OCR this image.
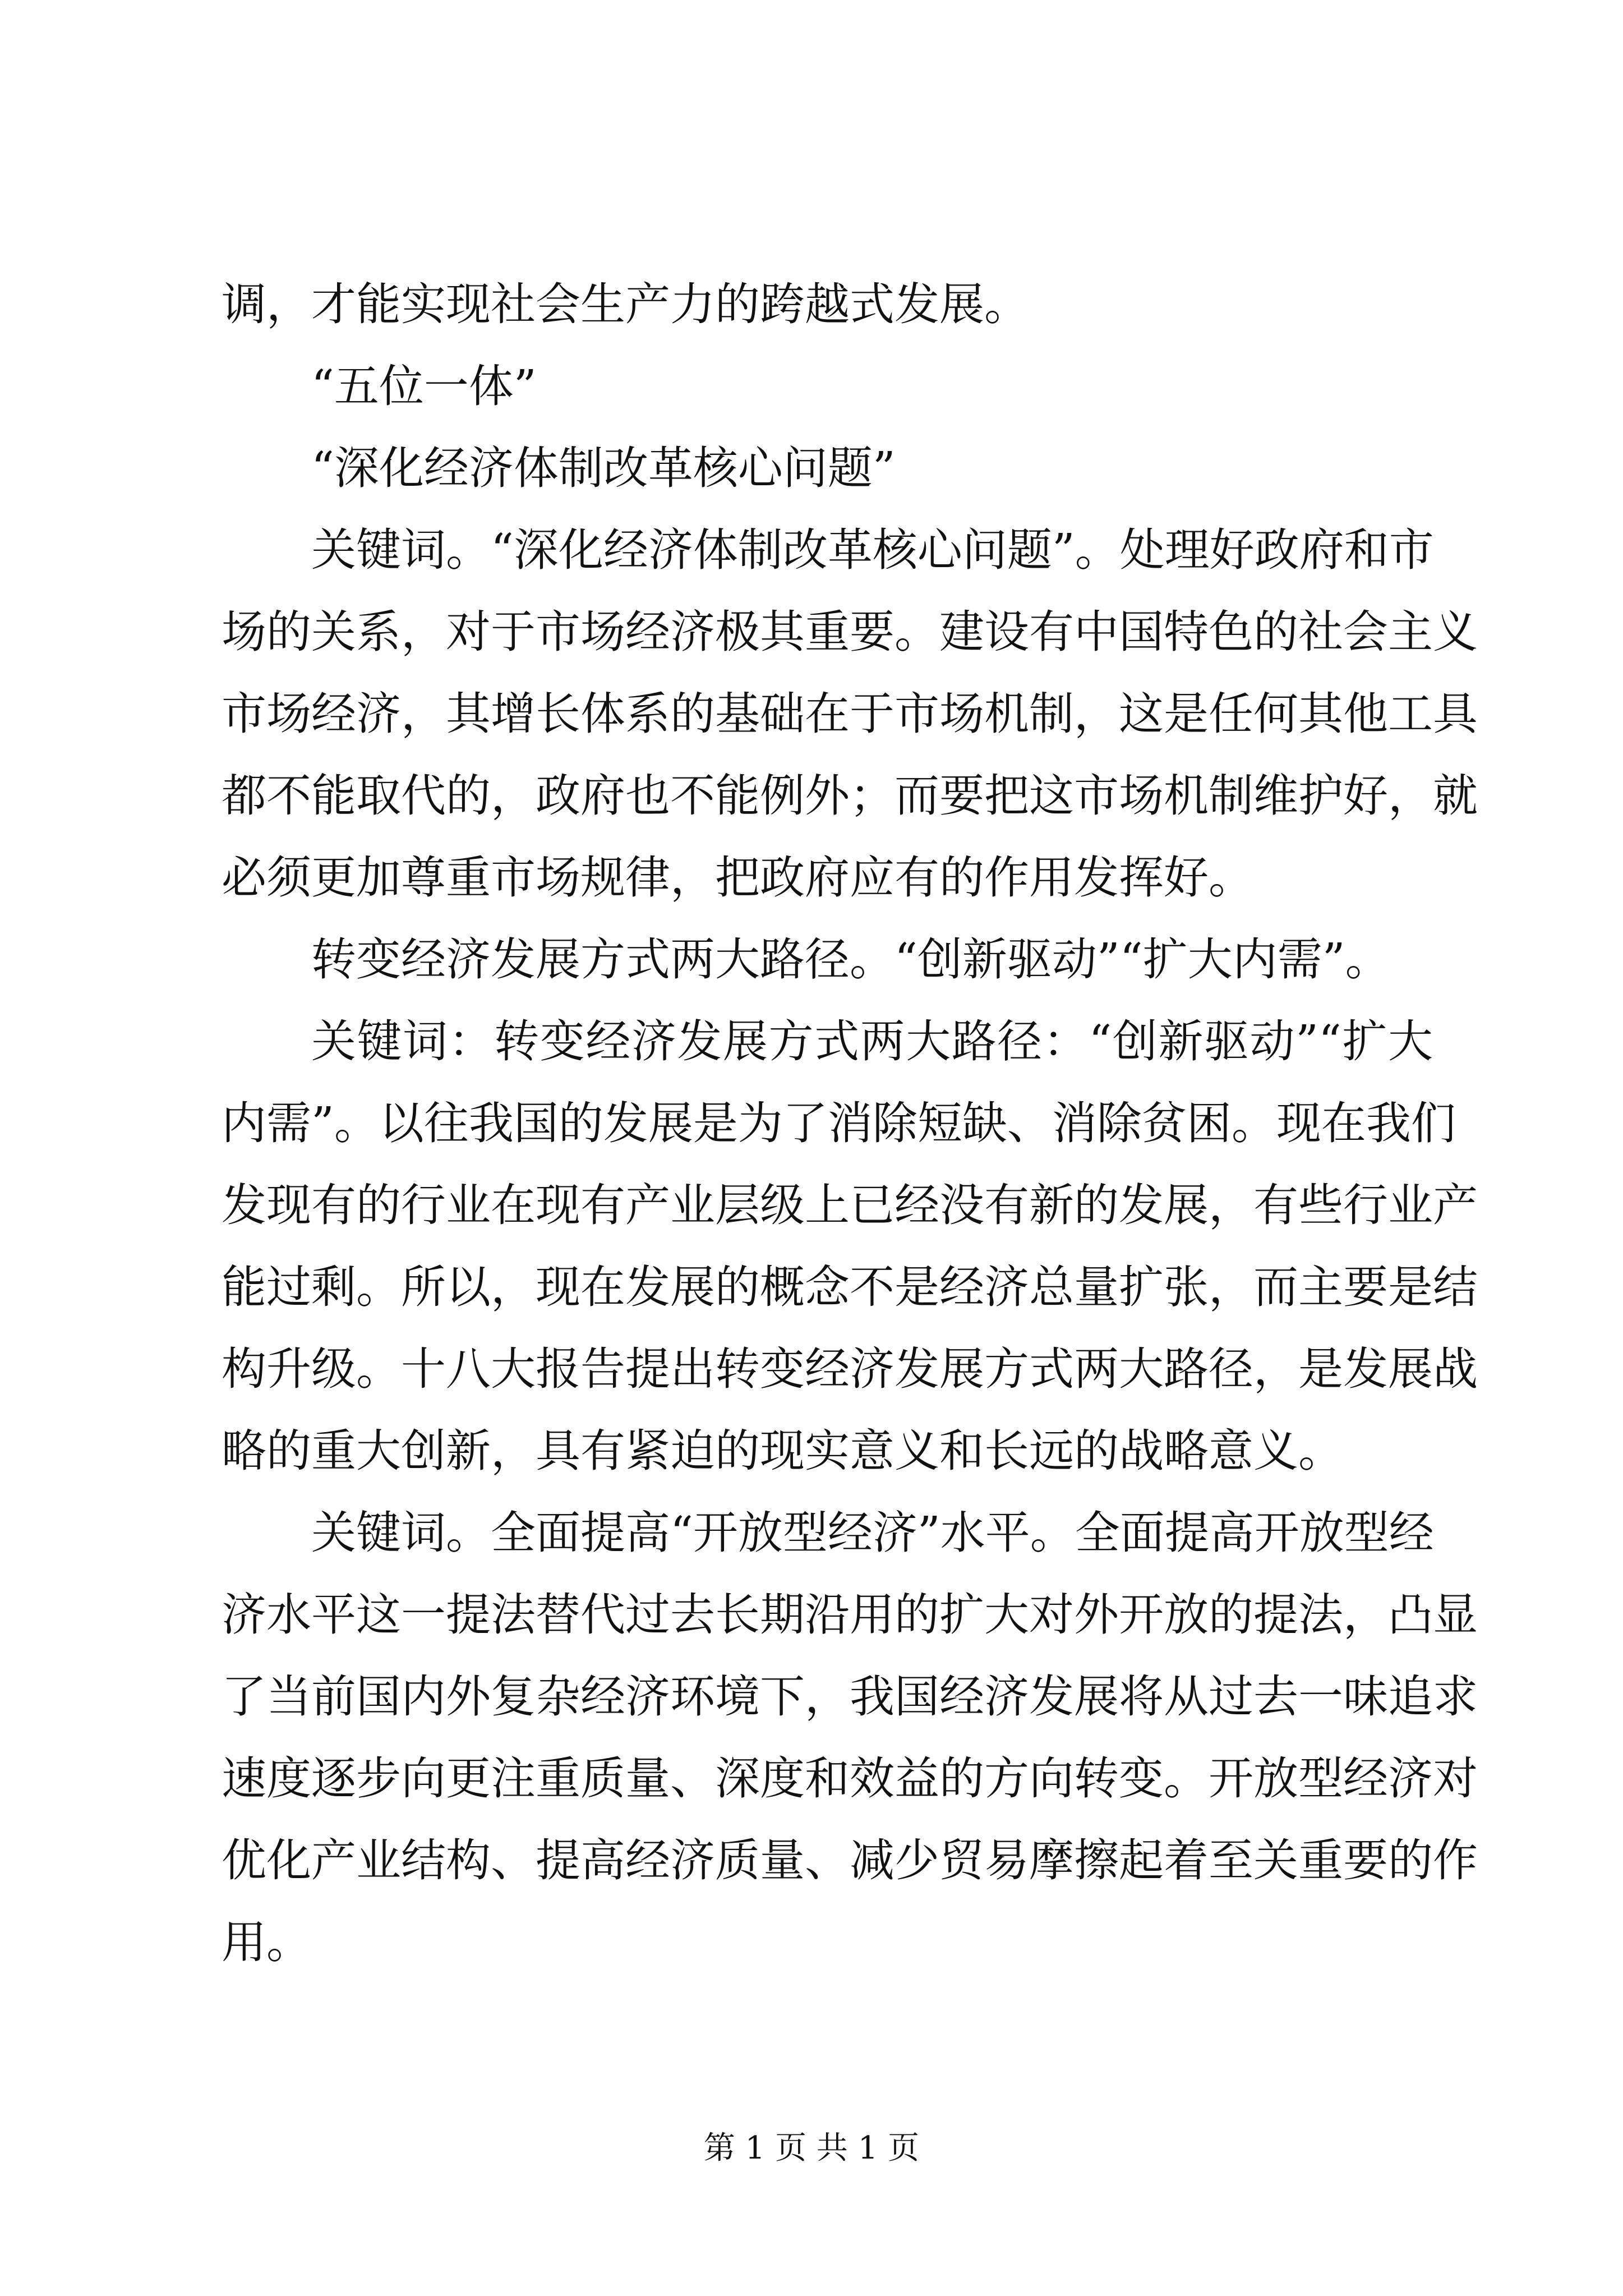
调，才能实现社会生产力的跨越式发展。
“五位一体”
“深化经济体制改革核心问题”
关键词。“深化经济体制改革核心问题”。处理好政府和市
场的关系，对于市场经济极其重要。建设有中国特色的社会主义
市场经济，其增长体系的基础在于市场机制，这是任何其他工具
都不能取代的，政府也不能例外；而要把这市场机制维护好，就
必须更加尊重市场规律，把政府应有的作用发挥好。
转变经济发展方式两大路径。“创新驱动”“扩大内需”。
关键词：转变经济发展方式两大路径：“创新驱动”“扩大
内需”。以往我国的发展是为了消除短缺、消除贫困。现在我们
发现有的行业在现有产业层级上已经没有新的发展，有些行业产
能过剩。所以，现在发展的概念不是经济总量扩张，而主要是结
构升级。十八大报告提出转变经济发展方式两大路径，是发展战
略的重大创新，具有紧迫的现实意义和长远的战略意义。
关键词。全面提高“开放型经济”水平。全面提高开放型经
济水平这一提法替代过去长期沿用的扩大对外开放的提法，凸显
了当前国内外复杂经济环境下，我国经济发展将从过去一味追求
速度逐步向更注重质量、深度和效益的方向转变。开放型经济对
优化产业结构、提高经济质量、减少贸易摩擦起着至关重要的作
用。
第 1 页 共 1 页
